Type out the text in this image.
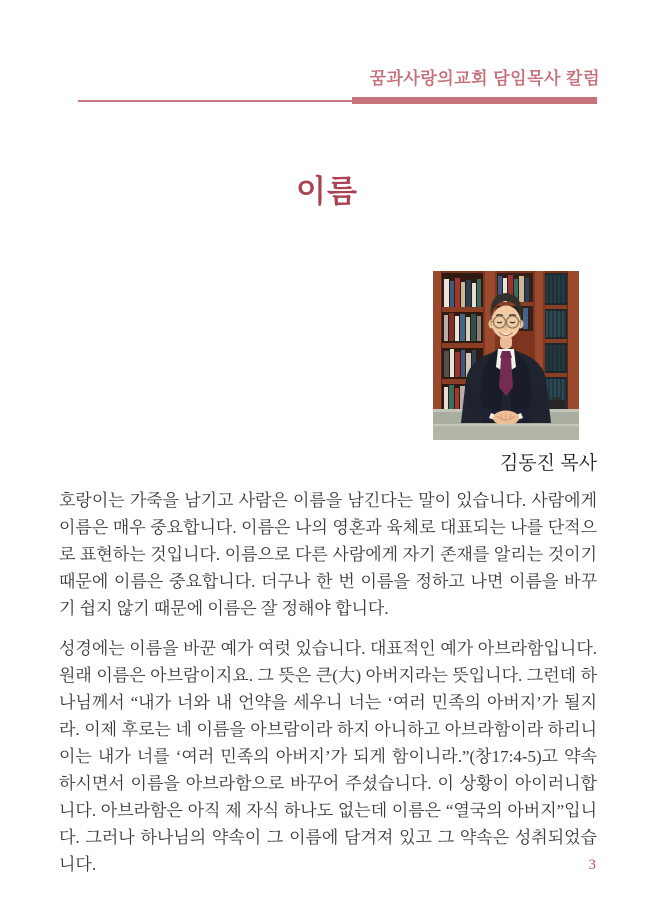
꿈과사랑의교회 담임목사 칼럼
이름
김동진 목사

호랑이는 가죽을 남기고 사람은 이름을 남긴다는 말이 있습니다. 사람에게 이름은 매우 중요합니다. 이름은 나의 영혼과 육체로 대표되는 나를 단적으로 표현하는 것입니다. 이름으로 다른 사람에게 자기 존재를 알리는 것이기 때문에 이름은 중요합니다. 더구나 한 번 이름을 정하고 나면 이름을 바꾸기 쉽지 않기 때문에 이름은 잘 정해야 합니다.

성경에는 이름을 바꾼 예가 여럿 있습니다. 대표적인 예가 아브라함입니다. 원래 이름은 아브람이지요. 그 뜻은 큰(大) 아버지라는 뜻입니다. 그런데 하나님께서 “내가 너와 내 언약을 세우니 너는 ‘여러 민족의 아버지’가 될지라. 이제 후로는 네 이름을 아브람이라 하지 아니하고 아브라함이라 하리니 이는 내가 너를 ‘여러 민족의 아버지’가 되게 함이니라.”(창17:4-5)고 약속하시면서 이름을 아브라함으로 바꾸어 주셨습니다. 이 상황이 아이러니합니다. 아브라함은 아직 제 자식 하나도 없는데 이름은 “열국의 아버지”입니다. 그러나 하나님의 약속이 그 이름에 담겨져 있고 그 약속은 성취되었습니다.	3
